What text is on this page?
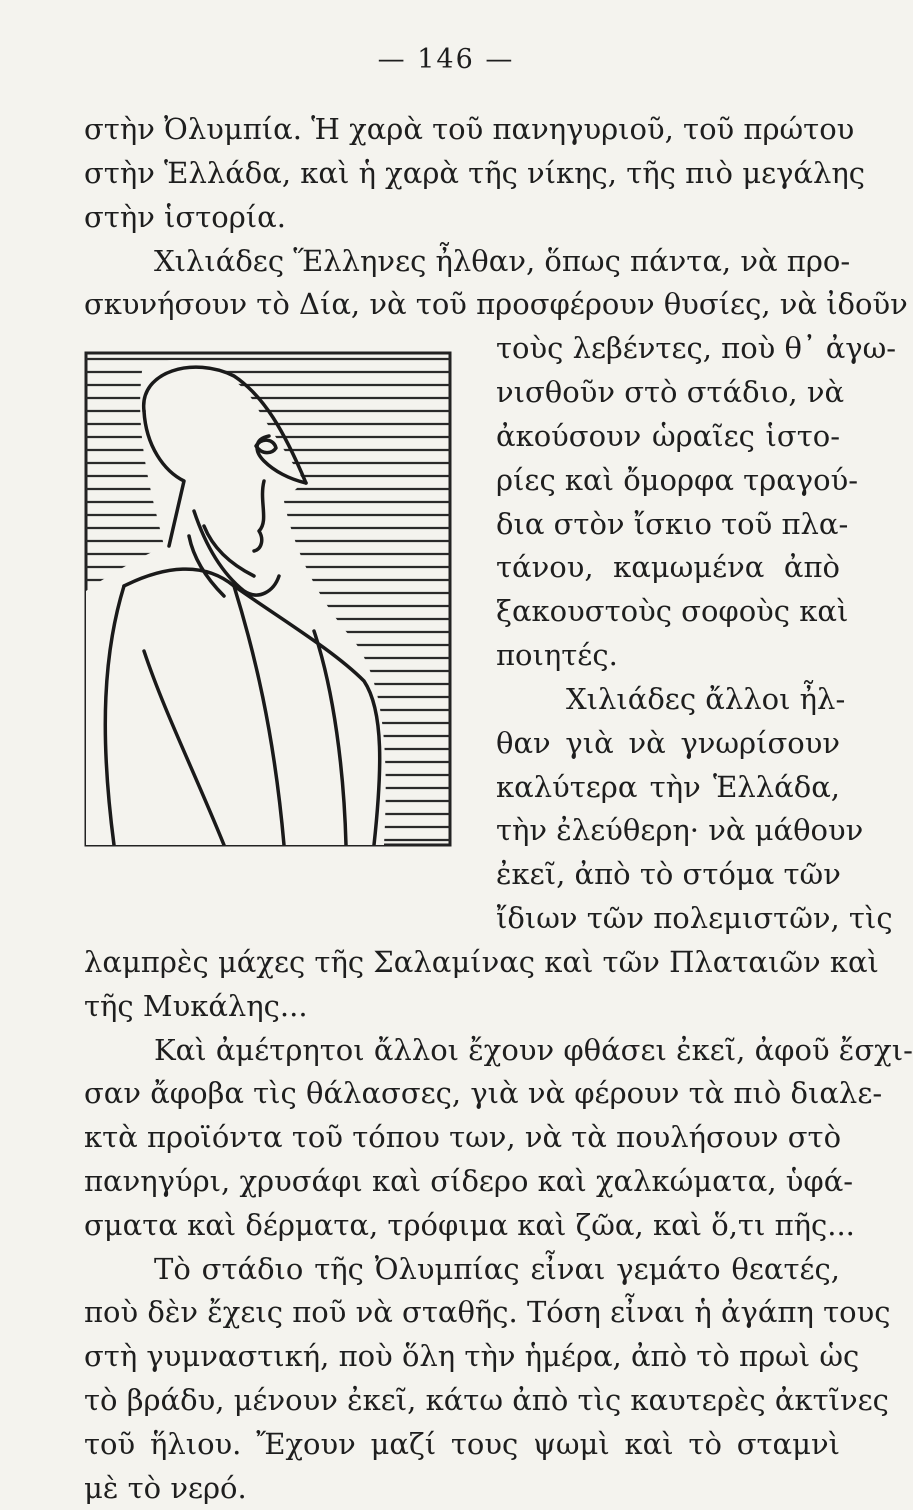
— 146 —
στὴν Ὀλυμπία. Ἡ χαρὰ τοῦ πανηγυριοῦ, τοῦ πρώτου
στὴν Ἑλλάδα, καὶ ἡ χαρὰ τῆς νίκης, τῆς πιὸ μεγάλης
στὴν ἱστορία.
Χιλιάδες Ἕλληνες ἦλθαν, ὅπως πάντα, νὰ προ-
σκυνήσουν τὸ Δία, νὰ τοῦ προσφέρουν θυσίες, νὰ ἰδοῦν
τοὺς λεβέντες, ποὺ θ᾿ ἀγω-
νισθοῦν στὸ στάδιο, νὰ
ἀκούσουν ὡραῖες ἱστο-
ρίες καὶ ὄμορφα τραγού-
δια στὸν ἴσκιο τοῦ πλα-
τάνου, καμωμένα ἀπὸ
ξακουστοὺς σοφοὺς καὶ
ποιητές.
Χιλιάδες ἄλλοι ἦλ-
θαν γιὰ νὰ γνωρίσουν
καλύτερα τὴν Ἑλλάδα,
τὴν ἐλεύθερη· νὰ μάθουν
ἐκεῖ, ἀπὸ τὸ στόμα τῶν
ἴδιων τῶν πολεμιστῶν, τὶς
λαμπρὲς μάχες τῆς Σαλαμίνας καὶ τῶν Πλαταιῶν καὶ
τῆς Μυκάλης...
Καὶ ἀμέτρητοι ἄλλοι ἔχουν φθάσει ἐκεῖ, ἀφοῦ ἔσχι-
σαν ἄφοβα τὶς θάλασσες, γιὰ νὰ φέρουν τὰ πιὸ διαλε-
κτὰ προϊόντα τοῦ τόπου των, νὰ τὰ πουλήσουν στὸ
πανηγύρι, χρυσάφι καὶ σίδερο καὶ χαλκώματα, ὑφά-
σματα καὶ δέρματα, τρόφιμα καὶ ζῶα, καὶ ὅ,τι πῆς...
Τὸ στάδιο τῆς Ὀλυμπίας εἶναι γεμάτο θεατές,
ποὺ δὲν ἔχεις ποῦ νὰ σταθῆς. Τόση εἶναι ἡ ἀγάπη τους
στὴ γυμναστική, ποὺ ὅλη τὴν ἡμέρα, ἀπὸ τὸ πρωὶ ὡς
τὸ βράδυ, μένουν ἐκεῖ, κάτω ἀπὸ τὶς καυτερὲς ἀκτῖνες
τοῦ ἥλιου. Ἔχουν μαζί τους ψωμὶ καὶ τὸ σταμνὶ
μὲ τὸ νερό.
